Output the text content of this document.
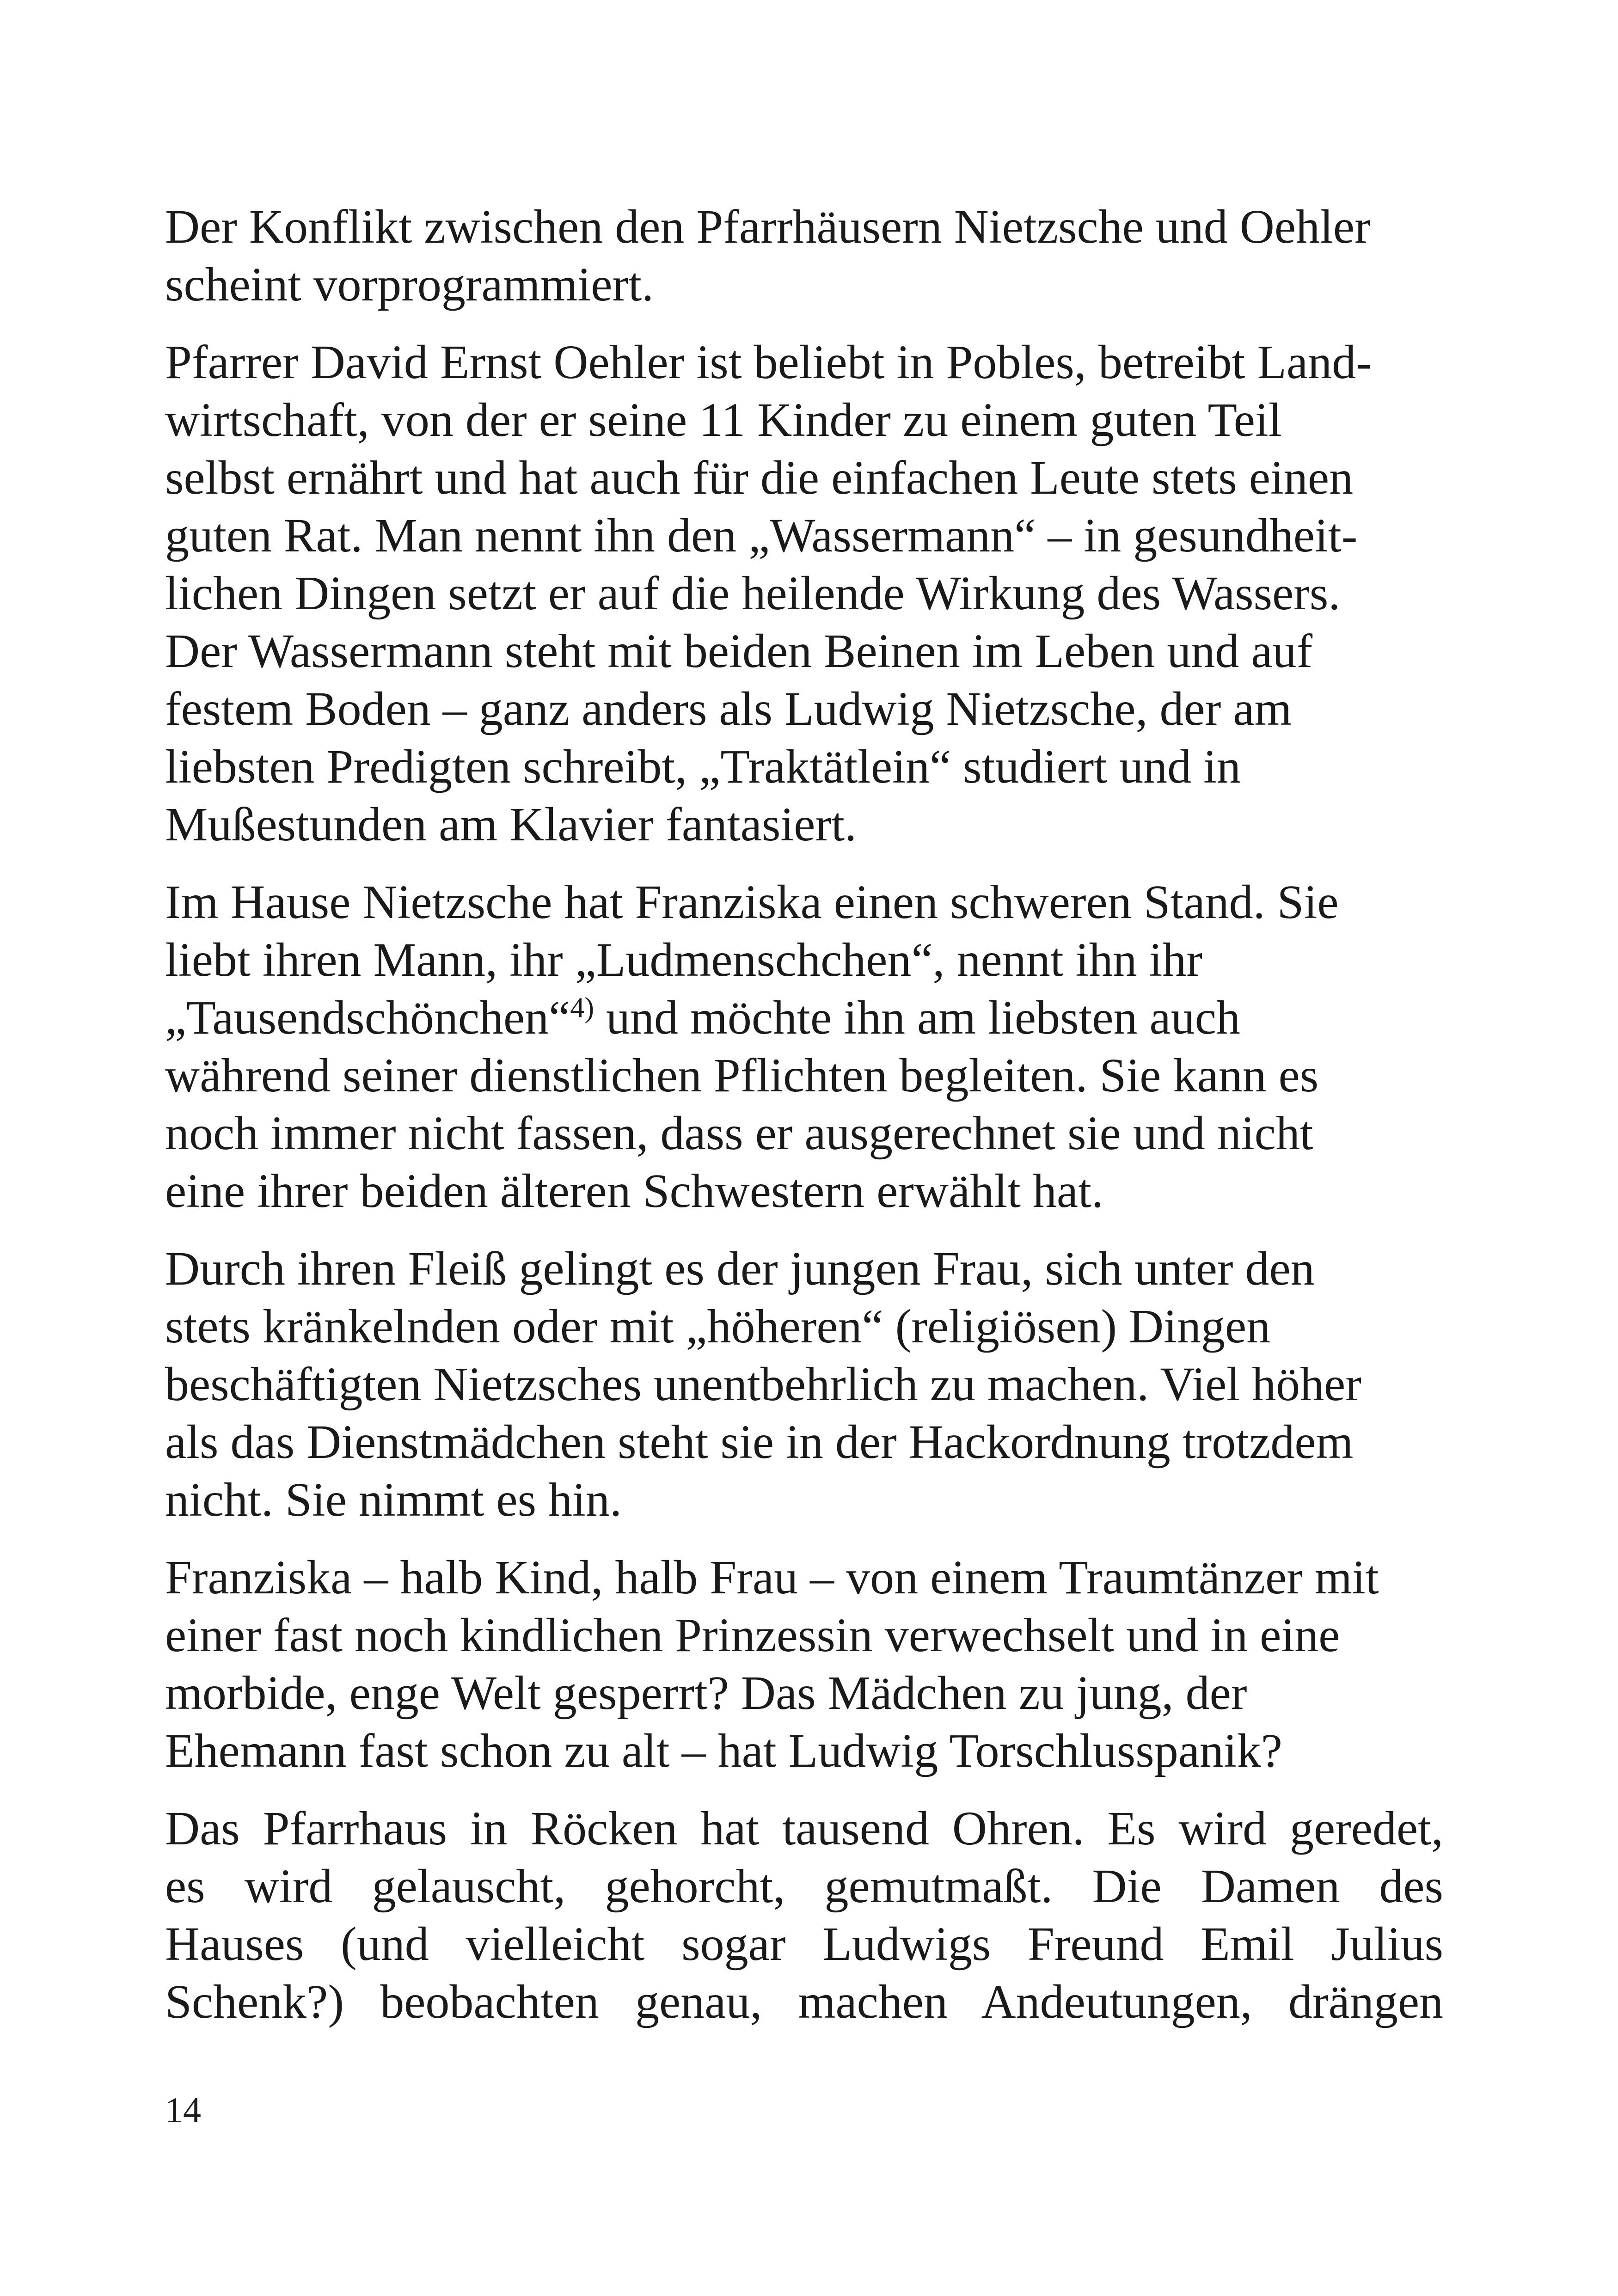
Der Konflikt zwischen den Pfarrhäusern Nietzsche und Oehler
scheint vorprogrammiert.

Pfarrer David Ernst Oehler ist beliebt in Pobles, betreibt Land-
wirtschaft, von der er seine 11 Kinder zu einem guten Teil
selbst ernährt und hat auch für die einfachen Leute stets einen
guten Rat. Man nennt ihn den „Wassermann“ – in gesundheit-
lichen Dingen setzt er auf die heilende Wirkung des Wassers.
Der Wassermann steht mit beiden Beinen im Leben und auf
festem Boden – ganz anders als Ludwig Nietzsche, der am
liebsten Predigten schreibt, „Traktätlein“ studiert und in
Mußestunden am Klavier fantasiert.

Im Hause Nietzsche hat Franziska einen schweren Stand. Sie
liebt ihren Mann, ihr „Ludmenschchen“, nennt ihn ihr
„Tausendschönchen“$^{4)}$ und möchte ihn am liebsten auch
während seiner dienstlichen Pflichten begleiten. Sie kann es
noch immer nicht fassen, dass er ausgerechnet sie und nicht
eine ihrer beiden älteren Schwestern erwählt hat.

Durch ihren Fleiß gelingt es der jungen Frau, sich unter den
stets kränkelnden oder mit „höheren“ (religiösen) Dingen
beschäftigten Nietzsches unentbehrlich zu machen. Viel höher
als das Dienstmädchen steht sie in der Hackordnung trotzdem
nicht. Sie nimmt es hin.

Franziska – halb Kind, halb Frau – von einem Traumtänzer mit
einer fast noch kindlichen Prinzessin verwechselt und in eine
morbide, enge Welt gesperrt? Das Mädchen zu jung, der
Ehemann fast schon zu alt – hat Ludwig Torschlusspanik?

Das Pfarrhaus in Röcken hat tausend Ohren. Es wird geredet,
es wird gelauscht, gehorcht, gemutmaßt. Die Damen des
Hauses (und vielleicht sogar Ludwigs Freund Emil Julius
Schenk?) beobachten genau, machen Andeutungen, drängen

14
